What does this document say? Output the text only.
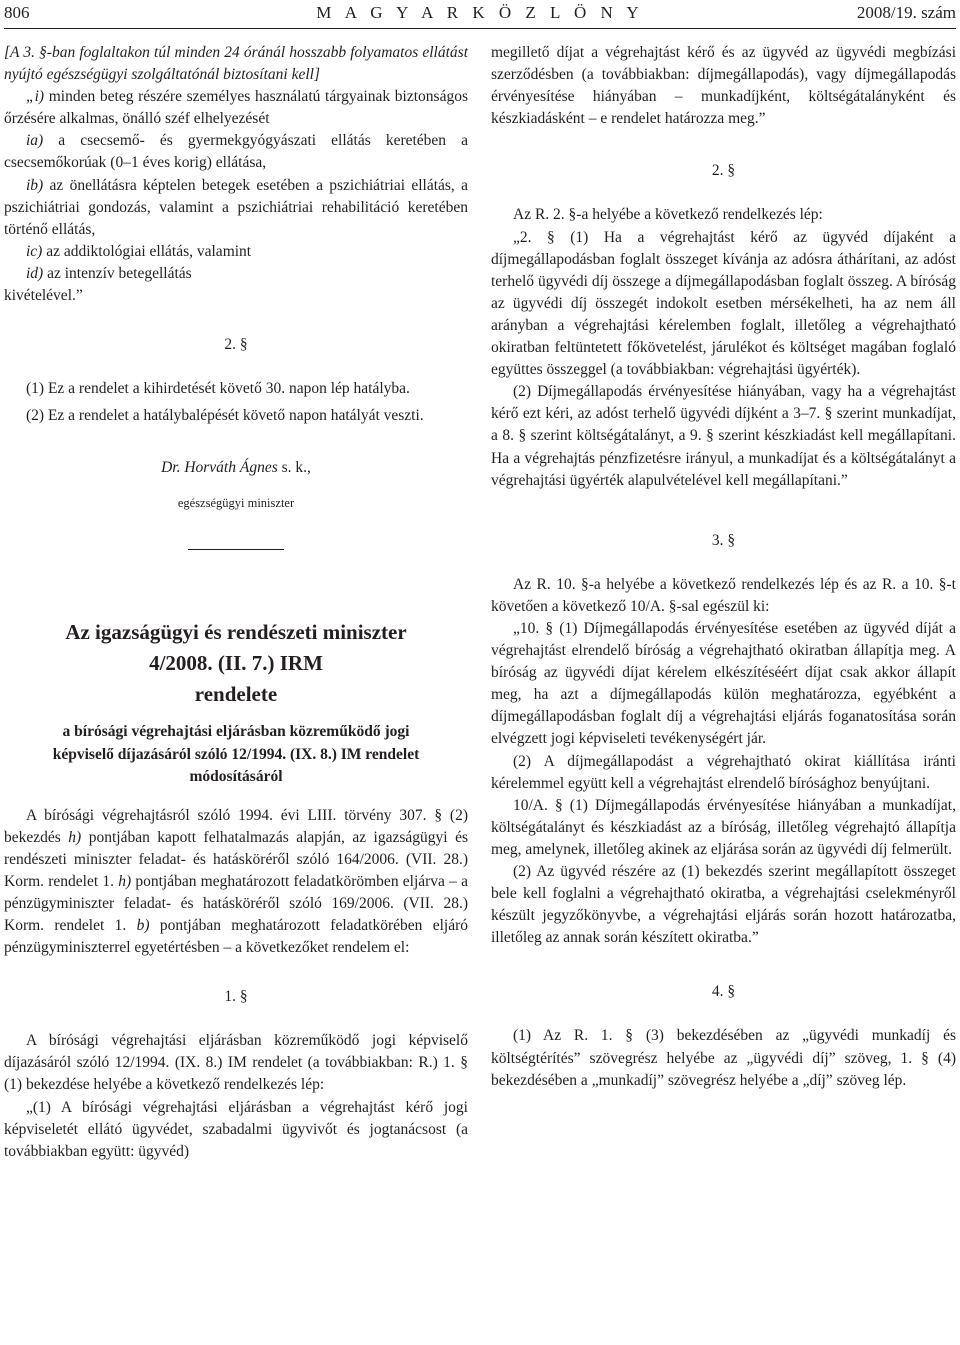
806	M A G Y A R K Ö Z L Ö N Y	2008/19. szám

[A 3. §-ban foglaltakon túl minden 24 óránál hosszabb folyamatos ellátást nyújtó egészségügyi szolgáltatónál biztosítani kell]

„i) minden beteg részére személyes használatú tárgyainak biztonságos őrzésére alkalmas, önálló széf elhelyezését

ia) a csecsemő- és gyermekgyógyászati ellátás keretében a csecsemőkorúak (0–1 éves korig) ellátása,

ib) az önellátásra képtelen betegek esetében a pszichiátriai ellátás, a pszichiátriai gondozás, valamint a pszichiátriai rehabilitáció keretében történő ellátás,

ic) az addiktológiai ellátás, valamint

id) az intenzív betegellátás

kivételével.”

2. §

(1) Ez a rendelet a kihirdetését követő 30. napon lép hatályba.

(2) Ez a rendelet a hatálybalépését követő napon hatályát veszti.

Dr. Horváth Ágnes s. k.,

egészségügyi miniszter

Az igazságügyi és rendészeti miniszter
4/2008. (II. 7.) IRM
rendelete

a bírósági végrehajtási eljárásban közreműködő jogi képviselő díjazásáról szóló 12/1994. (IX. 8.) IM rendelet módosításáról

A bírósági végrehajtásról szóló 1994. évi LIII. törvény 307. § (2) bekezdés h) pontjában kapott felhatalmazás alapján, az igazságügyi és rendészeti miniszter feladat- és hatásköréről szóló 164/2006. (VII. 28.) Korm. rendelet 1. h) pontjában meghatározott feladatkörömben eljárva – a pénzügyminiszter feladat- és hatásköréről szóló 169/2006. (VII. 28.) Korm. rendelet 1. b) pontjában meghatározott feladatkörében eljáró pénzügyminiszterrel egyetértésben – a következőket rendelem el:

1. §

A bírósági végrehajtási eljárásban közreműködő jogi képviselő díjazásáról szóló 12/1994. (IX. 8.) IM rendelet (a továbbiakban: R.) 1. § (1) bekezdése helyébe a következő rendelkezés lép:

„(1) A bírósági végrehajtási eljárásban a végrehajtást kérő jogi képviseletét ellátó ügyvédet, szabadalmi ügyvivőt és jogtanácsost (a továbbiakban együtt: ügyvéd)

megillető díjat a végrehajtást kérő és az ügyvéd az ügyvédi megbízási szerződésben (a továbbiakban: díjmegállapodás), vagy díjmegállapodás érvényesítése hiányában – munkadíjként, költségátalányként és készkiadásként – e rendelet határozza meg.”

2. §

Az R. 2. §-a helyébe a következő rendelkezés lép:

„2. § (1) Ha a végrehajtást kérő az ügyvéd díjaként a díjmegállapodásban foglalt összeget kívánja az adósra áthárítani, az adóst terhelő ügyvédi díj összege a díjmegállapodásban foglalt összeg. A bíróság az ügyvédi díj összegét indokolt esetben mérsékelheti, ha az nem áll arányban a végrehajtási kérelemben foglalt, illetőleg a végrehajtható okiratban feltüntetett főkövetelést, járulékot és költséget magában foglaló együttes összeggel (a továbbiakban: végrehajtási ügyérték).

(2) Díjmegállapodás érvényesítése hiányában, vagy ha a végrehajtást kérő ezt kéri, az adóst terhelő ügyvédi díjként a 3–7. § szerint munkadíjat, a 8. § szerint költségátalányt, a 9. § szerint készkiadást kell megállapítani. Ha a végrehajtás pénzfizetésre irányul, a munkadíjat és a költségátalányt a végrehajtási ügyérték alapulvételével kell megállapítani.”

3. §

Az R. 10. §-a helyébe a következő rendelkezés lép és az R. a 10. §-t követően a következő 10/A. §-sal egészül ki:

„10. § (1) Díjmegállapodás érvényesítése esetében az ügyvéd díját a végrehajtást elrendelő bíróság a végrehajtható okiratban állapítja meg. A bíróság az ügyvédi díjat kérelem elkészítéséért díjat csak akkor állapít meg, ha azt a díjmegállapodás külön meghatározza, egyébként a díjmegállapodásban foglalt díj a végrehajtási eljárás foganatosítása során elvégzett jogi képviseleti tevékenységért jár.

(2) A díjmegállapodást a végrehajtható okirat kiállítása iránti kérelemmel együtt kell a végrehajtást elrendelő bírósághoz benyújtani.

10/A. § (1) Díjmegállapodás érvényesítése hiányában a munkadíjat, költségátalányt és készkiadást az a bíróság, illetőleg végrehajtó állapítja meg, amelynek, illetőleg akinek az eljárása során az ügyvédi díj felmerült.

(2) Az ügyvéd részére az (1) bekezdés szerint megállapított összeget bele kell foglalni a végrehajtható okiratba, a végrehajtási cselekményről készült jegyzőkönyvbe, a végrehajtási eljárás során hozott határozatba, illetőleg az annak során készített okiratba.”

4. §

(1) Az R. 1. § (3) bekezdésében az „ügyvédi munkadíj és költségtérítés” szövegrész helyébe az „ügyvédi díj” szöveg, 1. § (4) bekezdésében a „munkadíj” szövegrész helyébe a „díj” szöveg lép.
